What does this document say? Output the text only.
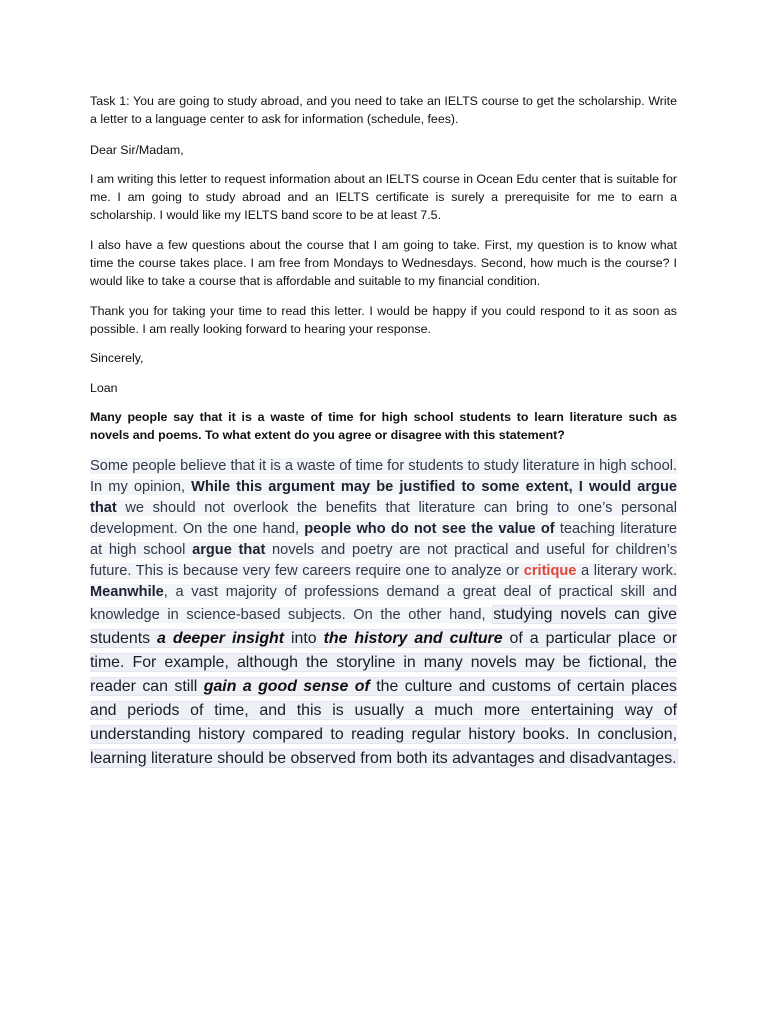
Task 1: You are going to study abroad, and you need to take an IELTS course to get the scholarship. Write a letter to a language center to ask for information (schedule, fees).

Dear Sir/Madam,

I am writing this letter to request information about an IELTS course in Ocean Edu center that is suitable for me. I am going to study abroad and an IELTS certificate is surely a prerequisite for me to earn a scholarship. I would like my IELTS band score to be at least 7.5.

I also have a few questions about the course that I am going to take. First, my question is to know what time the course takes place. I am free from Mondays to Wednesdays. Second, how much is the course? I would like to take a course that is affordable and suitable to my financial condition.

Thank you for taking your time to read this letter. I would be happy if you could respond to it as soon as possible. I am really looking forward to hearing your response.

Sincerely,

Loan

Many people say that it is a waste of time for high school students to learn literature such as novels and poems. To what extent do you agree or disagree with this statement?

Some people believe that it is a waste of time for students to study literature in high school. In my opinion, While this argument may be justified to some extent, I would argue that we should not overlook the benefits that literature can bring to one’s personal development. On the one hand, people who do not see the value of teaching literature at high school argue that novels and poetry are not practical and useful for children’s future. This is because very few careers require one to analyze or critique a literary work. Meanwhile, a vast majority of professions demand a great deal of practical skill and knowledge in science-based subjects. On the other hand, studying novels can give students a deeper insight into the history and culture of a particular place or time. For example, although the storyline in many novels may be fictional, the reader can still gain a good sense of the culture and customs of certain places and periods of time, and this is usually a much more entertaining way of understanding history compared to reading regular history books. In conclusion, learning literature should be observed from both its advantages and disadvantages.
